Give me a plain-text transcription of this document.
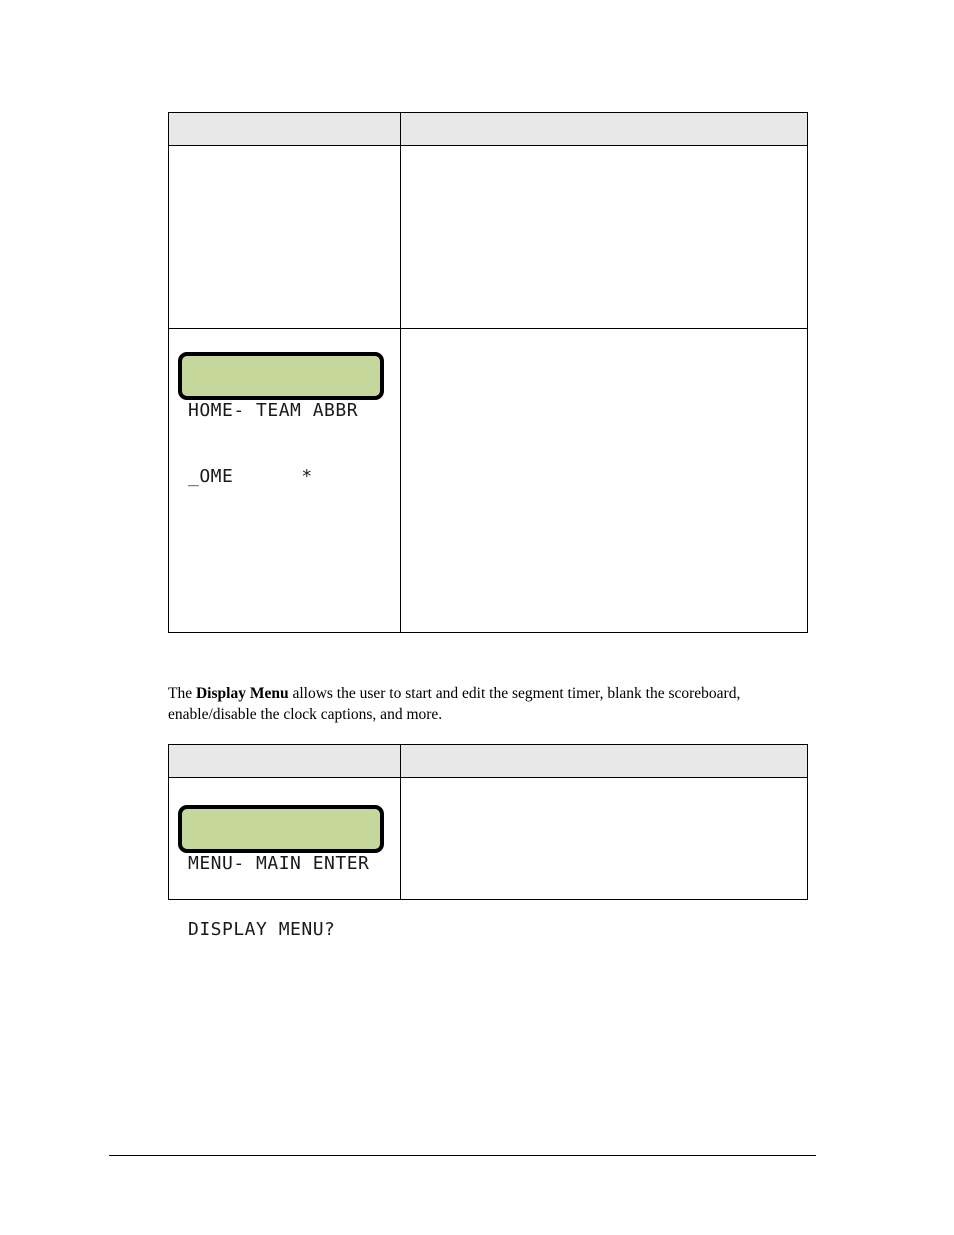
HOME- TEAM ABBR

_OME      *	

The Display Menu allows the user to start and edit the segment timer, blank the scoreboard, enable/disable the clock captions, and more.

MENU- MAIN ENTER

DISPLAY MENU?	
